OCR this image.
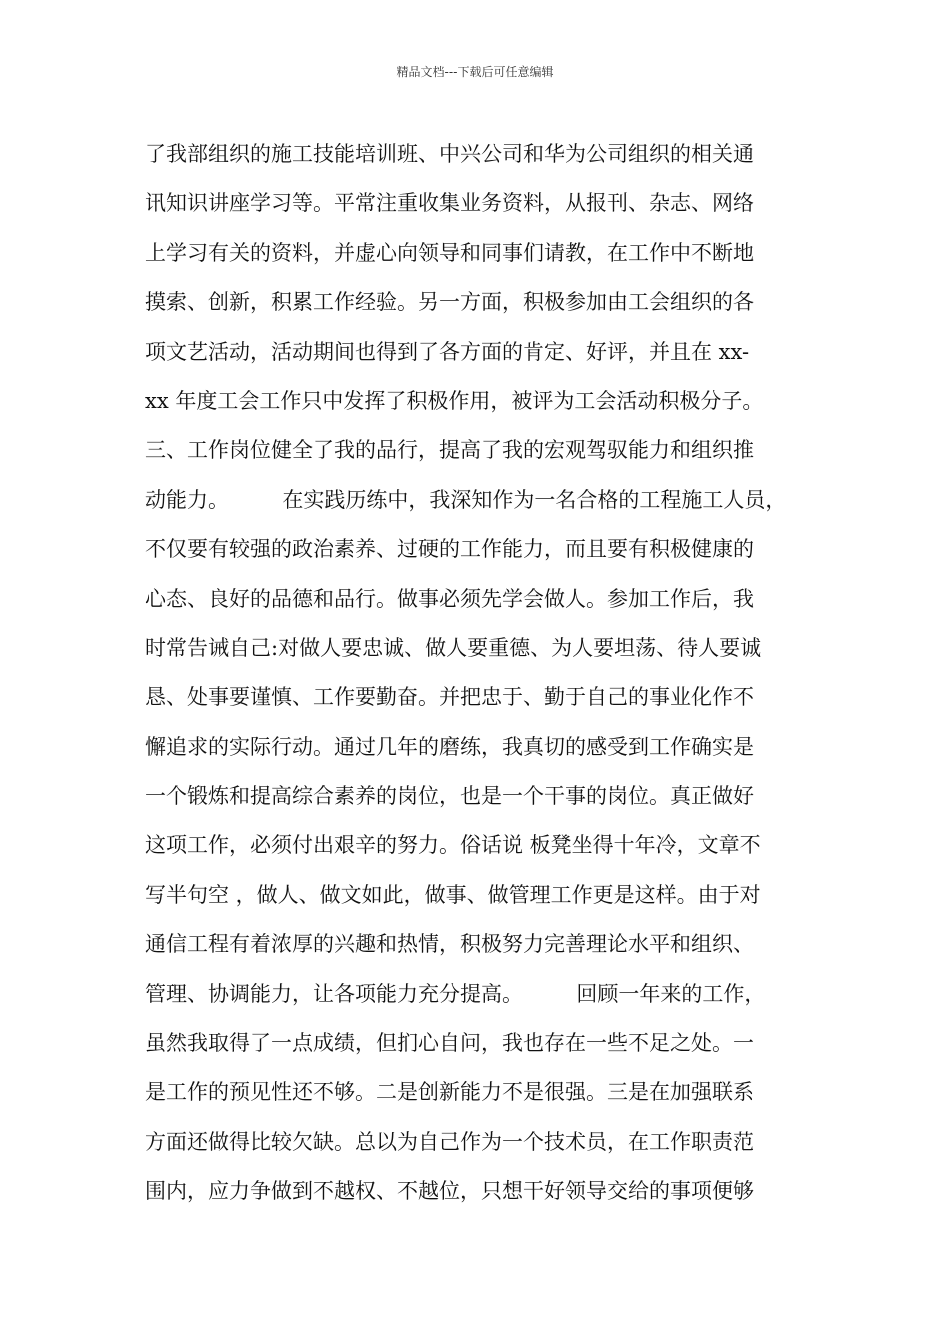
精品文档---下载后可任意编辑
了我部组织的施工技能培训班、中兴公司和华为公司组织的相关通
讯知识讲座学习等。平常注重收集业务资料，从报刊、杂志、网络
上学习有关的资料，并虚心向领导和同事们请教，在工作中不断地
摸索、创新，积累工作经验。另一方面，积极参加由工会组织的各
项文艺活动，活动期间也得到了各方面的肯定、好评，并且在 xx-
xx 年度工会工作只中发挥了积极作用，被评为工会活动积极分子。
三、工作岗位健全了我的品行，提高了我的宏观驾驭能力和组织推
动能力。        在实践历练中，我深知作为一名合格的工程施工人员，
不仅要有较强的政治素养、过硬的工作能力，而且要有积极健康的
心态、良好的品德和品行。做事必须先学会做人。参加工作后，我
时常告诫自己:对做人要忠诚、做人要重德、为人要坦荡、待人要诚
恳、处事要谨慎、工作要勤奋。并把忠于、勤于自己的事业化作不
懈追求的实际行动。通过几年的磨练，我真切的感受到工作确实是
一个锻炼和提高综合素养的岗位，也是一个干事的岗位。真正做好
这项工作，必须付出艰辛的努力。俗话说 板凳坐得十年冷，文章不
写半句空 ，做人、做文如此，做事、做管理工作更是这样。由于对
通信工程有着浓厚的兴趣和热情，积极努力完善理论水平和组织、
管理、协调能力，让各项能力充分提高。        回顾一年来的工作，
虽然我取得了一点成绩，但扪心自问，我也存在一些不足之处。一
是工作的预见性还不够。二是创新能力不是很强。三是在加强联系
方面还做得比较欠缺。总以为自己作为一个技术员，在工作职责范
围内，应力争做到不越权、不越位，只想干好领导交给的事项便够
